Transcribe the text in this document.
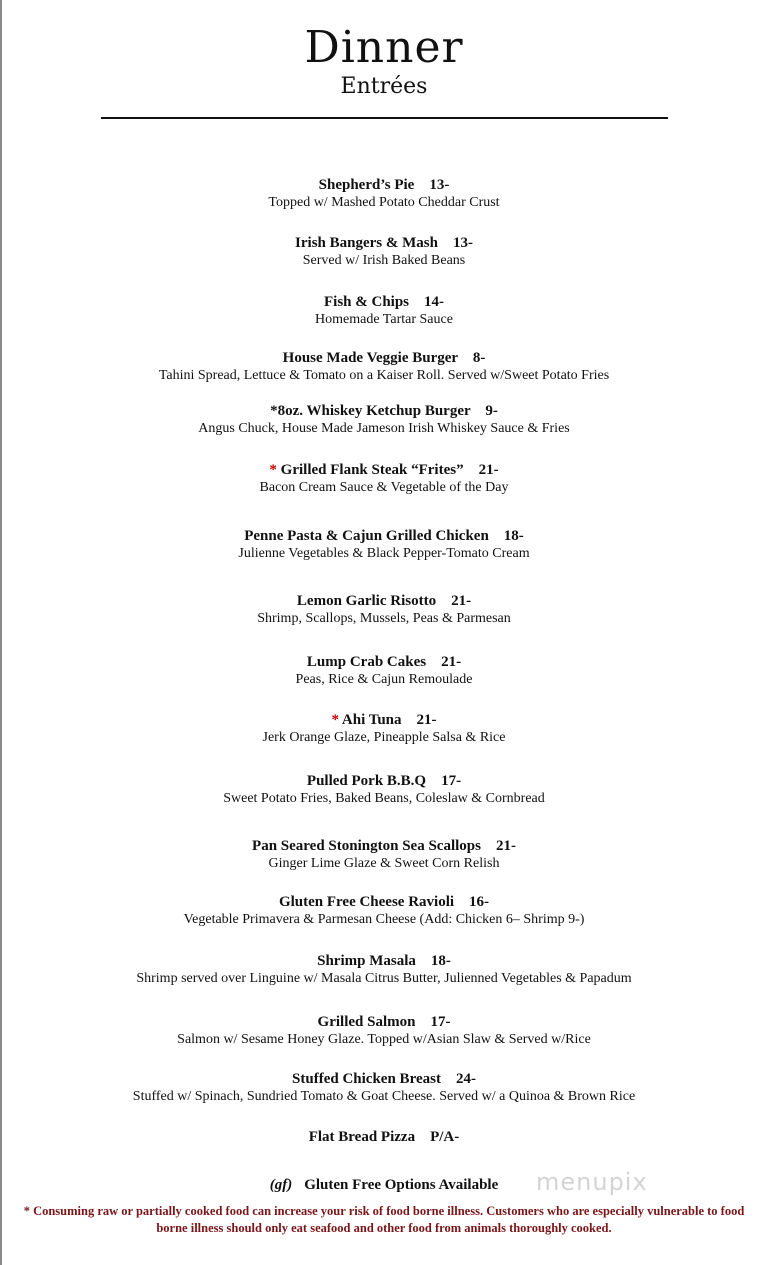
Dinner
Entrées
Shepherd’s Pie 13-
Topped w/ Mashed Potato Cheddar Crust
Irish Bangers & Mash 13-
Served w/ Irish Baked Beans
Fish & Chips 14-
Homemade Tartar Sauce
House Made Veggie Burger 8-
Tahini Spread, Lettuce & Tomato on a Kaiser Roll. Served w/Sweet Potato Fries
*8oz. Whiskey Ketchup Burger 9-
Angus Chuck, House Made Jameson Irish Whiskey Sauce & Fries
* Grilled Flank Steak “Frites” 21-
Bacon Cream Sauce & Vegetable of the Day
Penne Pasta & Cajun Grilled Chicken 18-
Julienne Vegetables & Black Pepper-Tomato Cream
Lemon Garlic Risotto 21-
Shrimp, Scallops, Mussels, Peas & Parmesan
Lump Crab Cakes 21-
Peas, Rice & Cajun Remoulade
* Ahi Tuna 21-
Jerk Orange Glaze, Pineapple Salsa & Rice
Pulled Pork B.B.Q 17-
Sweet Potato Fries, Baked Beans, Coleslaw & Cornbread
Pan Seared Stonington Sea Scallops 21-
Ginger Lime Glaze & Sweet Corn Relish
Gluten Free Cheese Ravioli 16-
Vegetable Primavera & Parmesan Cheese (Add: Chicken 6– Shrimp 9-)
Shrimp Masala 18-
Shrimp served over Linguine w/ Masala Citrus Butter, Julienned Vegetables & Papadum
Grilled Salmon 17-
Salmon w/ Sesame Honey Glaze. Topped w/Asian Slaw & Served w/Rice
Stuffed Chicken Breast 24-
Stuffed w/ Spinach, Sundried Tomato & Goat Cheese. Served w/ a Quinoa & Brown Rice
Flat Bread Pizza P/A-
(gf) Gluten Free Options Available	menupix
* Consuming raw or partially cooked food can increase your risk of food borne illness. Customers who are especially vulnerable to food borne illness should only eat seafood and other food from animals thoroughly cooked.
